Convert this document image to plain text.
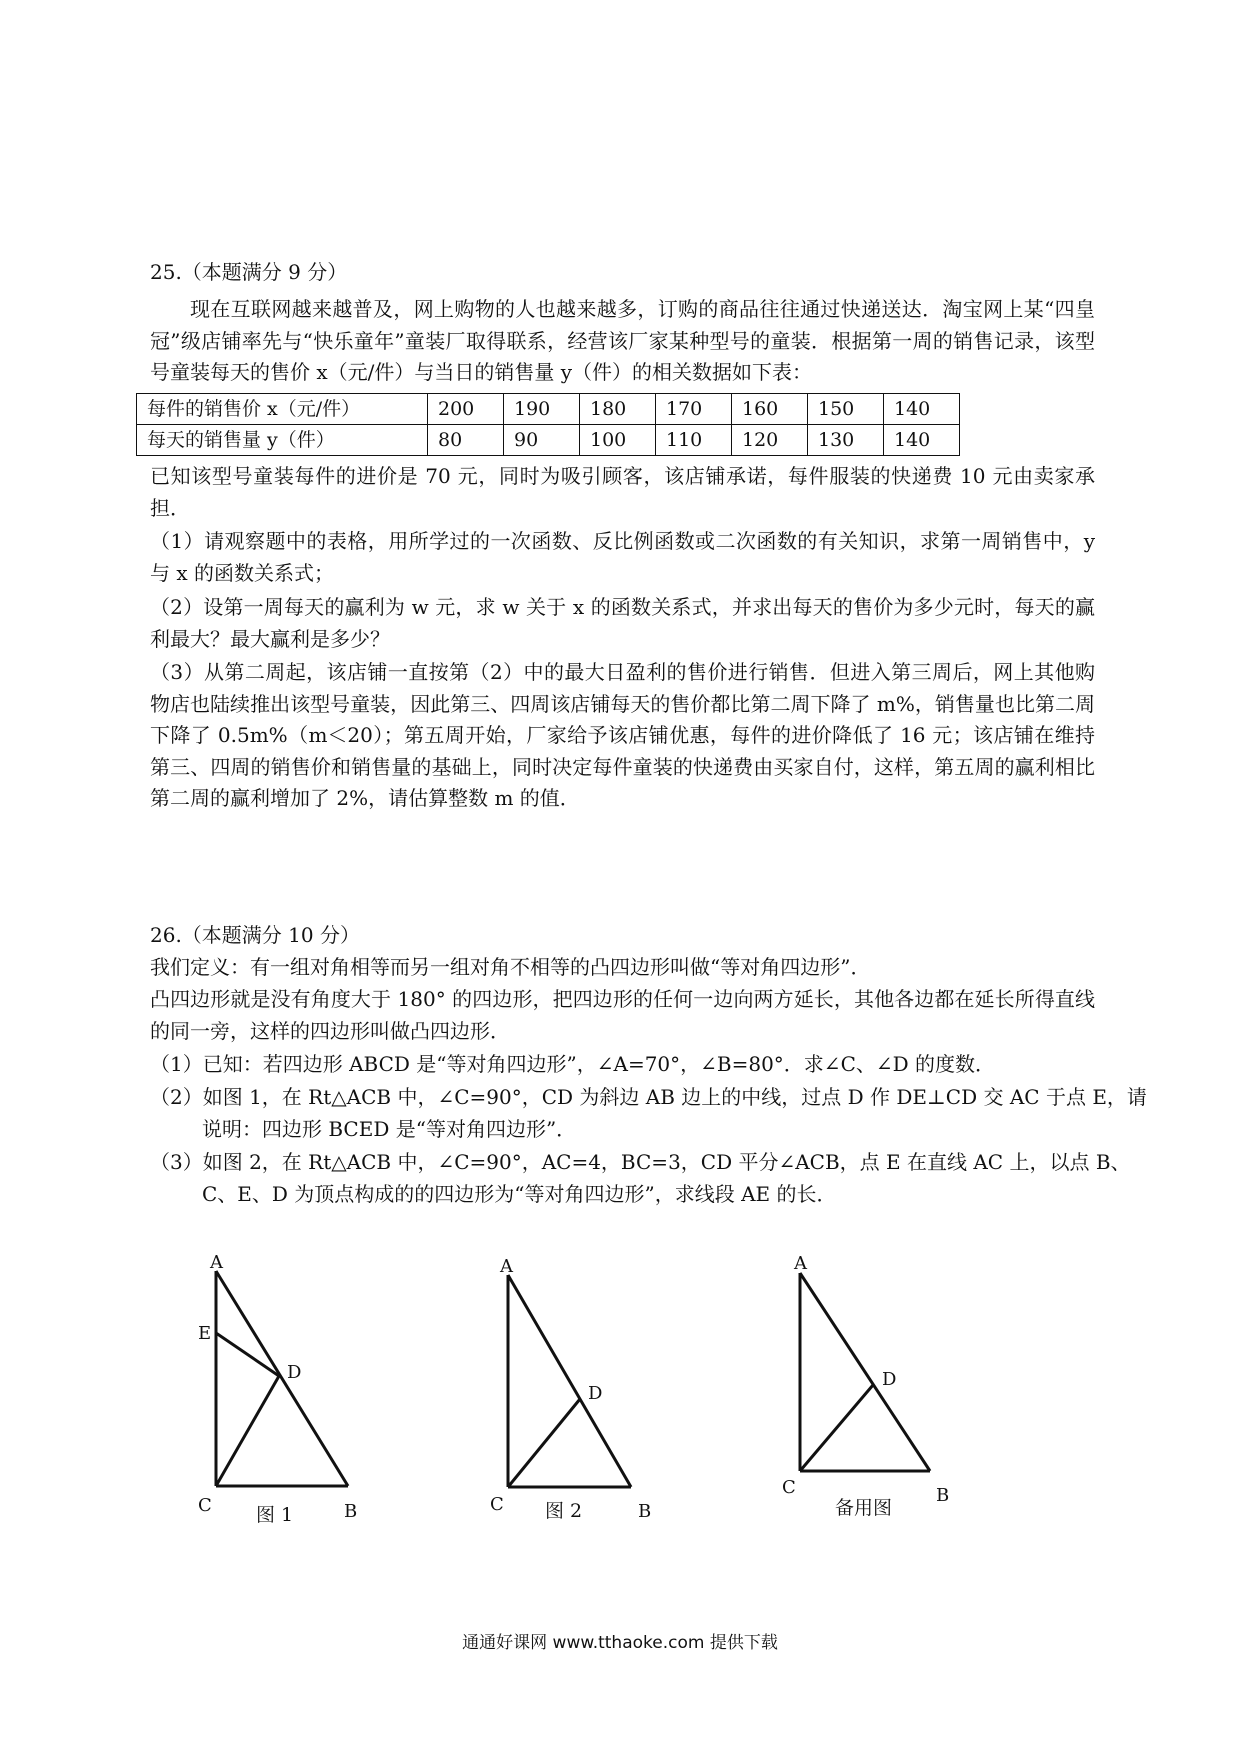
25.（本题满分 9 分）

现在互联网越来越普及，网上购物的人也越来越多，订购的商品往往通过快递送达．淘宝网上某“四皇冠”级店铺率先与“快乐童年”童装厂取得联系，经营该厂家某种型号的童装．根据第一周的销售记录，该型号童装每天的售价 x（元/件）与当日的销售量 y（件）的相关数据如下表：

每件的销售价 x（元/件）	200	190	180	170	160	150	140
每天的销售量 y（件）	80	90	100	110	120	130	140

已知该型号童装每件的进价是 70 元，同时为吸引顾客，该店铺承诺，每件服装的快递费 10 元由卖家承担．

（1）请观察题中的表格，用所学过的一次函数、反比例函数或二次函数的有关知识，求第一周销售中，y 与 x 的函数关系式；

（2）设第一周每天的赢利为 w 元，求 w 关于 x 的函数关系式，并求出每天的售价为多少元时，每天的赢利最大？最大赢利是多少？

（3）从第二周起，该店铺一直按第（2）中的最大日盈利的售价进行销售．但进入第三周后，网上其他购物店也陆续推出该型号童装，因此第三、四周该店铺每天的售价都比第二周下降了 m%，销售量也比第二周下降了 0.5m%（m＜20）；第五周开始，厂家给予该店铺优惠，每件的进价降低了 16 元；该店铺在维持第三、四周的销售价和销售量的基础上，同时决定每件童装的快递费由买家自付，这样，第五周的赢利相比第二周的赢利增加了 2%，请估算整数 m 的值．

26.（本题满分 10 分）

我们定义：有一组对角相等而另一组对角不相等的凸四边形叫做“等对角四边形”．

凸四边形就是没有角度大于 180° 的四边形，把四边形的任何一边向两方延长，其他各边都在延长所得直线的同一旁，这样的四边形叫做凸四边形．

（1）已知：若四边形 ABCD 是“等对角四边形”，∠A=70°，∠B=80°．求∠C、∠D 的度数．

（2）如图 1，在 Rt△ACB 中，∠C=90°，CD 为斜边 AB 边上的中线，过点 D 作 DE⊥CD 交 AC 于点 E，请说明：四边形 BCED 是“等对角四边形”．

（3）如图 2，在 Rt△ACB 中，∠C=90°，AC=4，BC=3，CD 平分∠ACB，点 E 在直线 AC 上，以点 B、C、E、D 为顶点构成的的四边形为“等对角四边形”，求线段 AE 的长．

A
E
D
C	B
图 1
A
D
C	B
图 2
A
D
C	B
备用图
通通好课网 www.tthaoke.com 提供下载
